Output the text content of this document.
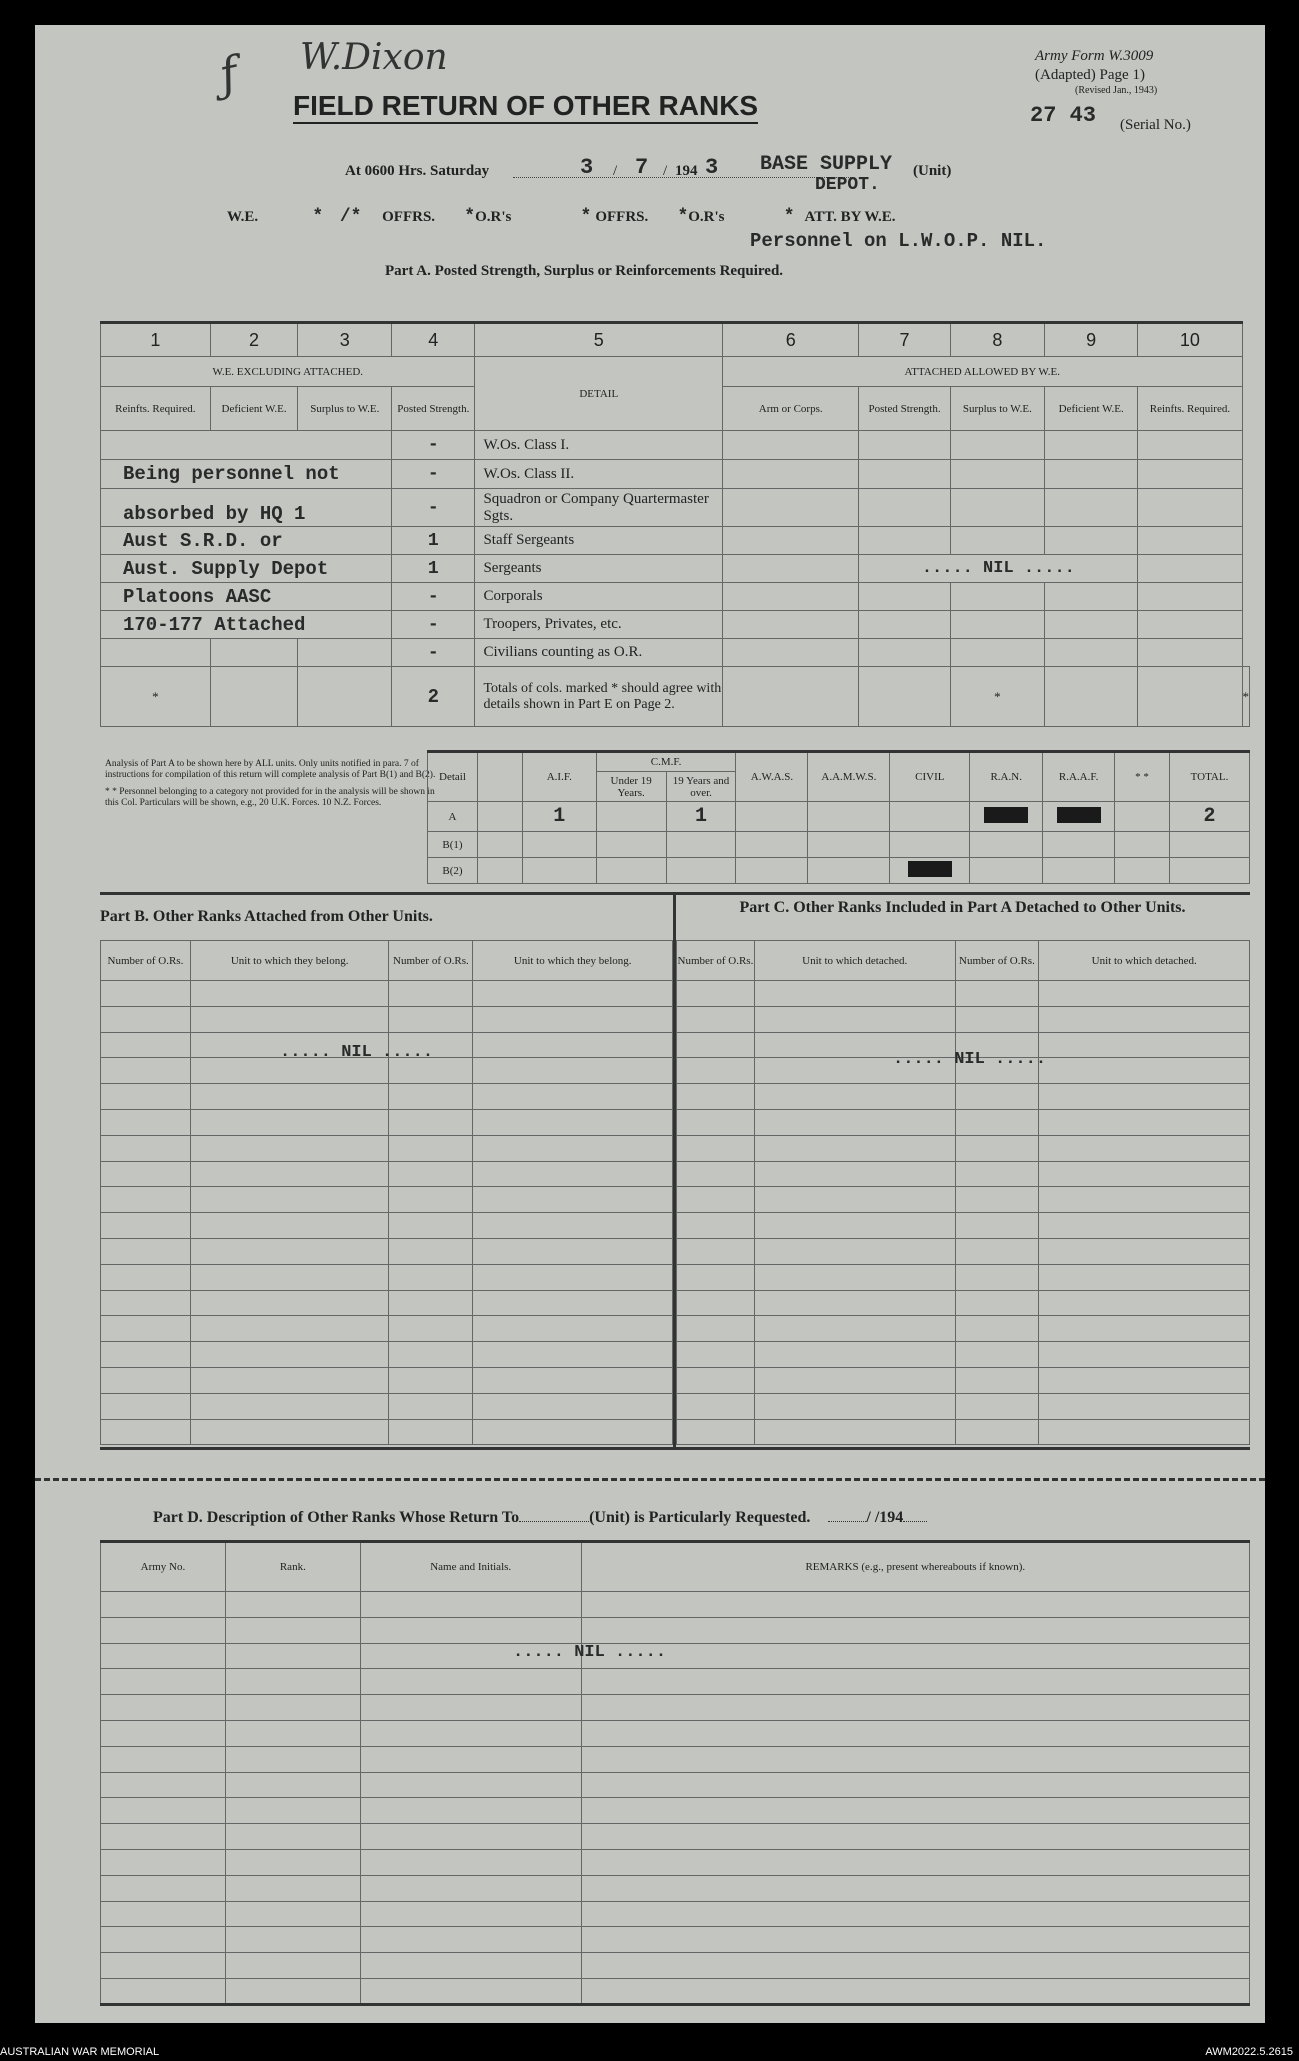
ƒ W.Dixon	Army Form W.3009
(Adapted) Page 1)
(Revised Jan., 1943)
27 43 (Serial No.)
FIELD RETURN OF OTHER RANKS
At 0600 Hrs. Saturday	3 / 7 / 194 3 BASE SUPPLY (Unit)
DEPOT.
W.E.	* /* OFFRS. *O.R's	* OFFRS. *O.R's	* ATT. BY W.E.
Personnel on L.W.O.P. NIL.
Part A. Posted Strength, Surplus or Reinforcements Required.
1	2	3	4	5	6	7	8	9	10	
W.E. EXCLUDING ATTACHED.				DETAIL	ATTACHED ALLOWED BY W.E.					
Reinfts. Required.	Deficient W.E.	Surplus to W.E.	Posted Strength.		Arm or Corps.	Posted Strength.	Surplus to W.E.	Deficient W.E.	Reinfts. Required.	
			-	W.Os. Class I.						
Being personnel not			-	W.Os. Class II.						
absorbed by HQ 1			-	Squadron or Company Quartermaster Sgts.						
Aust S.R.D. or			1	Staff Sergeants						
Aust. Supply Depot			1	Sergeants		..... NIL .....				
Platoons AASC			-	Corporals						
170-177 Attached			-	Troopers, Privates, etc.						
			-	Civilians counting as O.R.						
*			2	Totals of cols. marked * should agree with details shown in Part E on Page 2.			*			*
Analysis of Part A to be shown here by ALL units. Only units notified in para. 7 of instructions for compilation of this return will complete analysis of Part B(1) and B(2).
* * Personnel belonging to a category not provided for in the analysis will be shown in this Col. Particulars will be shown, e.g., 20 U.K. Forces. 10 N.Z. Forces.
Detail		A.I.F.	C.M.F.		A.W.A.S.	A.A.M.W.S.	CIVIL	R.A.N.	R.A.A.F.	* *	TOTAL.
			Under 19 Years.	19 Years and over.							
A		1		1							2
B(1)											
B(2)											
Part B. Other Ranks Attached from Other Units.
Part C. Other Ranks Included in Part A Detached to Other Units.
Number of O.Rs.	Unit to which they belong.	Number of O.Rs.	Unit to which they belong.

				Number of O.Rs.	Unit to which detached.	Number of O.Rs.	Unit to which detached.

..... NIL .....	..... NIL .....
Part D. Description of Other Ranks Whose Return To	(Unit) is Particularly Requested.	/ /194
Army No.	Rank.	Name and Initials.	REMARKS (e.g., present whereabouts if known).

..... NIL .....
AUSTRALIAN WAR MEMORIAL	AWM2022.5.2615
